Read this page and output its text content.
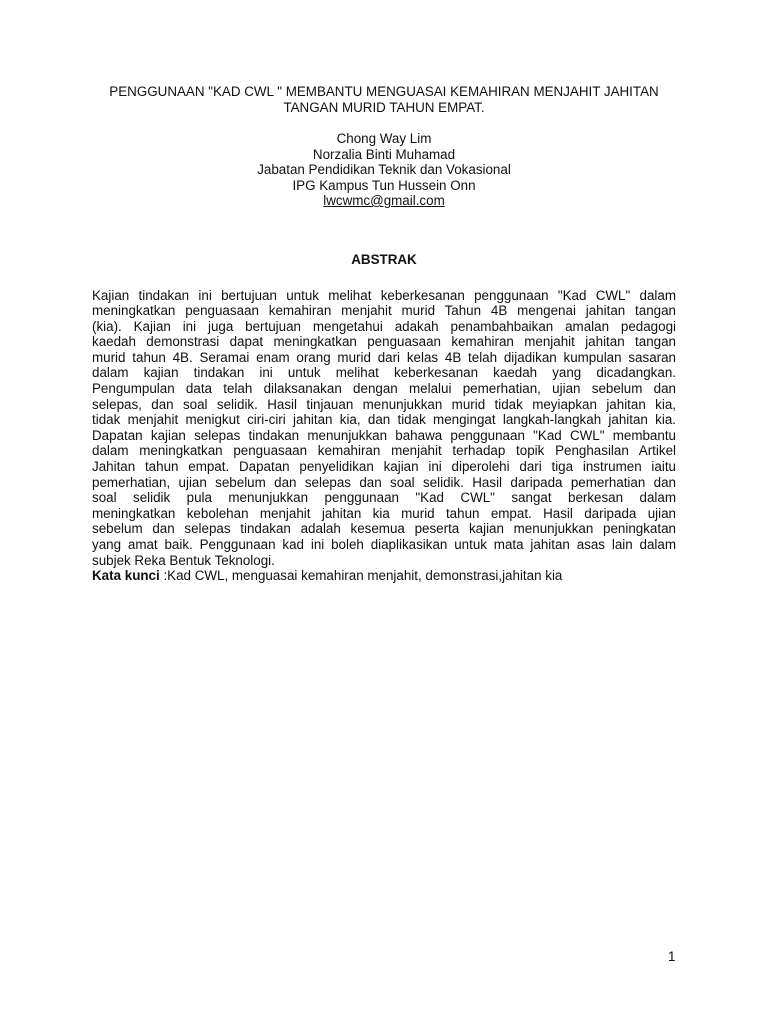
PENGGUNAAN "KAD CWL " MEMBANTU MENGUASAI KEMAHIRAN MENJAHIT JAHITAN
TANGAN MURID TAHUN EMPAT.
Chong Way Lim
Norzalia Binti Muhamad
Jabatan Pendidikan Teknik dan Vokasional
IPG Kampus Tun Hussein Onn
lwcwmc@gmail.com
ABSTRAK
Kajian tindakan ini bertujuan untuk melihat keberkesanan penggunaan "Kad CWL" dalam
meningkatkan penguasaan kemahiran menjahit murid Tahun 4B mengenai jahitan tangan
(kia). Kajian ini juga bertujuan mengetahui adakah penambahbaikan amalan pedagogi
kaedah demonstrasi dapat meningkatkan penguasaan kemahiran menjahit jahitan tangan
murid tahun 4B. Seramai enam orang murid dari kelas 4B telah dijadikan kumpulan sasaran
dalam kajian tindakan ini untuk melihat keberkesanan kaedah yang dicadangkan.
Pengumpulan data telah dilaksanakan dengan melalui pemerhatian, ujian sebelum dan
selepas, dan soal selidik. Hasil tinjauan menunjukkan murid tidak meyiapkan jahitan kia,
tidak menjahit menigkut ciri-ciri jahitan kia, dan tidak mengingat langkah-langkah jahitan kia.
Dapatan kajian selepas tindakan menunjukkan bahawa penggunaan "Kad CWL" membantu
dalam meningkatkan penguasaan kemahiran menjahit terhadap topik Penghasilan Artikel
Jahitan tahun empat. Dapatan penyelidikan kajian ini diperolehi dari tiga instrumen iaitu
pemerhatian, ujian sebelum dan selepas dan soal selidik. Hasil daripada pemerhatian dan
soal selidik pula menunjukkan penggunaan "Kad CWL" sangat berkesan dalam
meningkatkan kebolehan menjahit jahitan kia murid tahun empat. Hasil daripada ujian
sebelum dan selepas tindakan adalah kesemua peserta kajian menunjukkan peningkatan
yang amat baik. Penggunaan kad ini boleh diaplikasikan untuk mata jahitan asas lain dalam
subjek Reka Bentuk Teknologi.
Kata kunci :Kad CWL, menguasai kemahiran menjahit, demonstrasi,jahitan kia
1
